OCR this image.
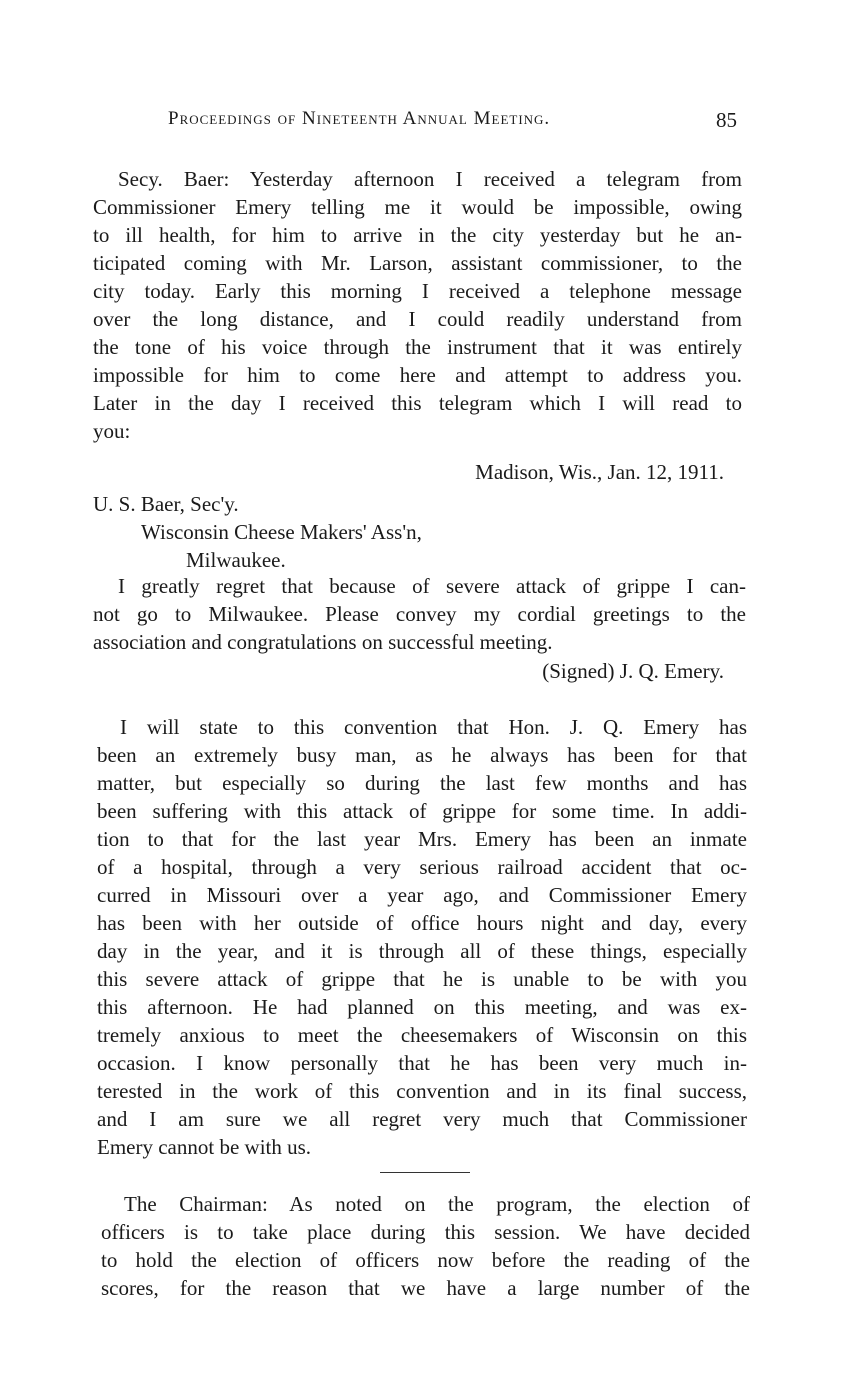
Proceedings of Nineteenth Annual Meeting.	85
Secy. Baer: Yesterday afternoon I received a telegram from
Commissioner Emery telling me it would be impossible, owing
to ill health, for him to arrive in the city yesterday but he an-
ticipated coming with Mr. Larson, assistant commissioner, to the
city today. Early this morning I received a telephone message
over the long distance, and I could readily understand from
the tone of his voice through the instrument that it was entirely
impossible for him to come here and attempt to address you.
Later in the day I received this telegram which I will read to
you:
Madison, Wis., Jan. 12, 1911.
U. S. Baer, Sec'y.
Wisconsin Cheese Makers' Ass'n,
Milwaukee.
I greatly regret that because of severe attack of grippe I can-
not go to Milwaukee. Please convey my cordial greetings to the
association and congratulations on successful meeting.
(Signed) J. Q. Emery.
I will state to this convention that Hon. J. Q. Emery has
been an extremely busy man, as he always has been for that
matter, but especially so during the last few months and has
been suffering with this attack of grippe for some time. In addi-
tion to that for the last year Mrs. Emery has been an inmate
of a hospital, through a very serious railroad accident that oc-
curred in Missouri over a year ago, and Commissioner Emery
has been with her outside of office hours night and day, every
day in the year, and it is through all of these things, especially
this severe attack of grippe that he is unable to be with you
this afternoon. He had planned on this meeting, and was ex-
tremely anxious to meet the cheesemakers of Wisconsin on this
occasion. I know personally that he has been very much in-
terested in the work of this convention and in its final success,
and I am sure we all regret very much that Commissioner
Emery cannot be with us.
The Chairman: As noted on the program, the election of
officers is to take place during this session. We have decided
to hold the election of officers now before the reading of the
scores, for the reason that we have a large number of the
